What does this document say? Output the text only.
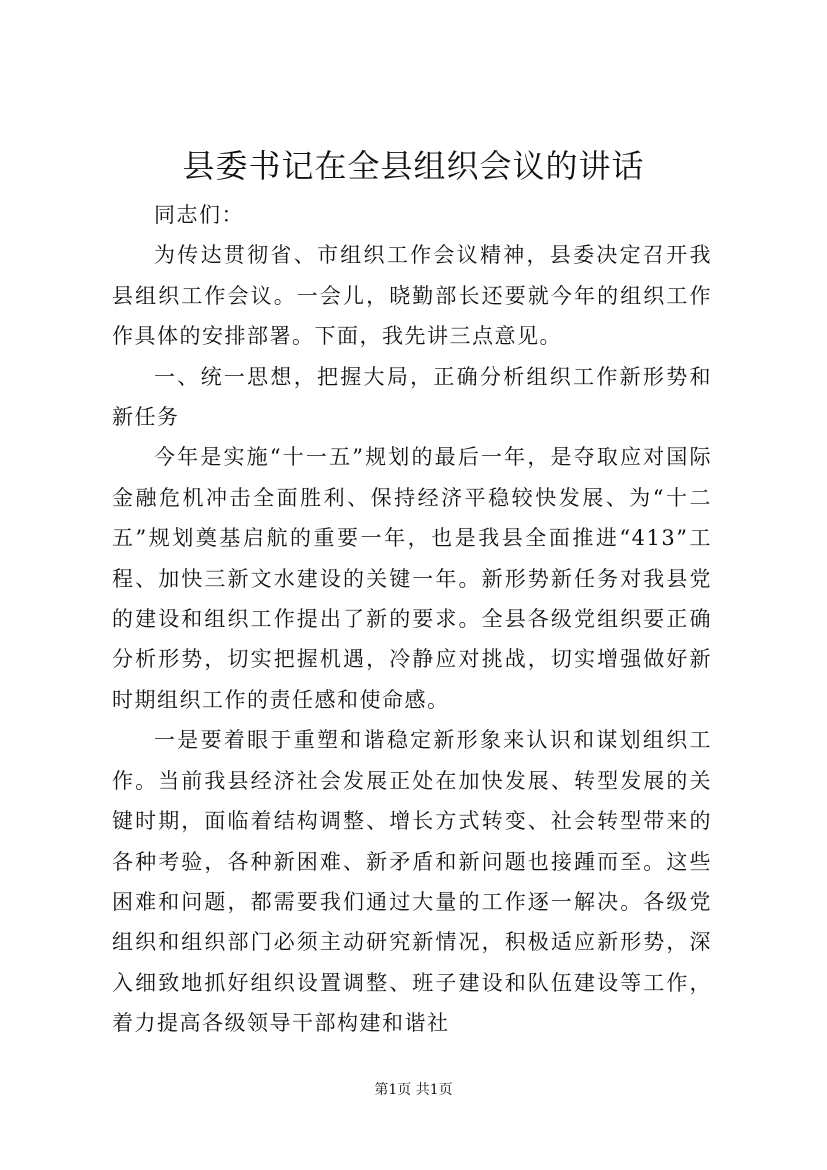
县委书记在全县组织会议的讲话

同志们：

为传达贯彻省、市组织工作会议精神，县委决定召开我县组织工作会议。一会儿，晓勤部长还要就今年的组织工作作具体的安排部署。下面，我先讲三点意见。

一、统一思想，把握大局，正确分析组织工作新形势和新任务

今年是实施“十一五”规划的最后一年，是夺取应对国际金融危机冲击全面胜利、保持经济平稳较快发展、为“十二五”规划奠基启航的重要一年，也是我县全面推进“413”工程、加快三新文水建设的关键一年。新形势新任务对我县党的建设和组织工作提出了新的要求。全县各级党组织要正确分析形势，切实把握机遇，冷静应对挑战，切实增强做好新时期组织工作的责任感和使命感。

一是要着眼于重塑和谐稳定新形象来认识和谋划组织工作。当前我县经济社会发展正处在加快发展、转型发展的关键时期，面临着结构调整、增长方式转变、社会转型带来的各种考验，各种新困难、新矛盾和新问题也接踵而至。这些困难和问题，都需要我们通过大量的工作逐一解决。各级党组织和组织部门必须主动研究新情况，积极适应新形势，深入细致地抓好组织设置调整、班子建设和队伍建设等工作，着力提高各级领导干部构建和谐社

第1页 共1页
